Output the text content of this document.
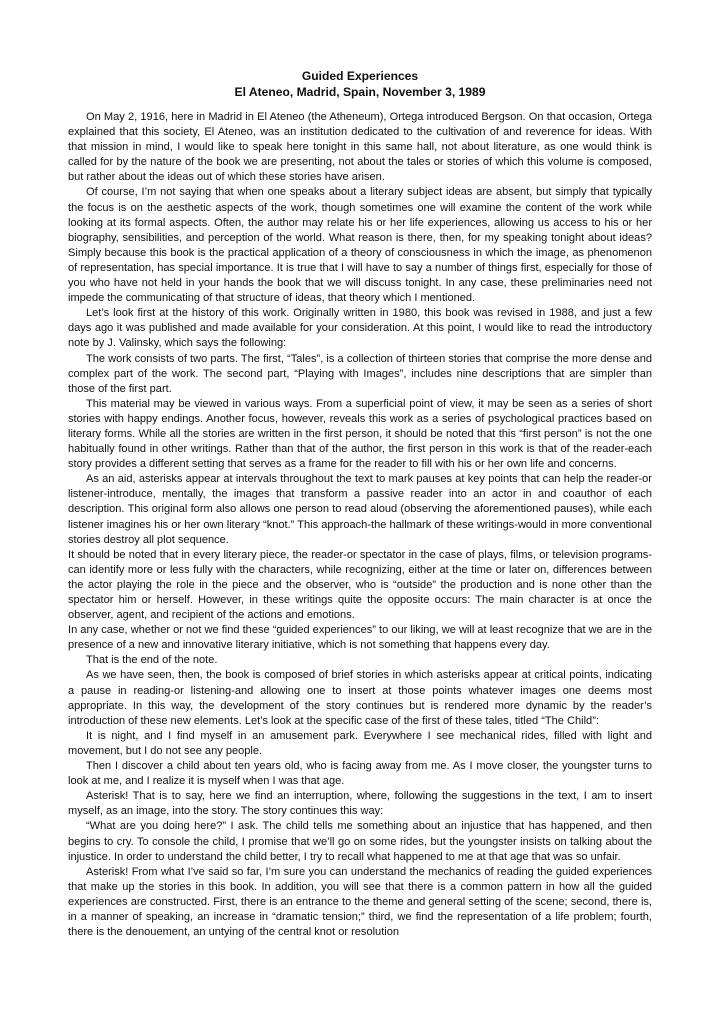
Guided Experiences
El Ateneo, Madrid, Spain, November 3, 1989

On May 2, 1916, here in Madrid in El Ateneo (the Atheneum), Ortega introduced Bergson. On that occasion, Ortega explained that this society, El Ateneo, was an institution dedicated to the cultivation of and reverence for ideas. With that mission in mind, I would like to speak here tonight in this same hall, not about literature, as one would think is called for by the nature of the book we are presenting, not about the tales or stories of which this volume is composed, but rather about the ideas out of which these stories have arisen.

Of course, I’m not saying that when one speaks about a literary subject ideas are absent, but simply that typically the focus is on the aesthetic aspects of the work, though sometimes one will examine the content of the work while looking at its formal aspects. Often, the author may relate his or her life experiences, allowing us access to his or her biography, sensibilities, and perception of the world. What reason is there, then, for my speaking tonight about ideas? Simply because this book is the practical application of a theory of consciousness in which the image, as phenomenon of representation, has special importance. It is true that I will have to say a number of things first, especially for those of you who have not held in your hands the book that we will discuss tonight. In any case, these preliminaries need not impede the communicating of that structure of ideas, that theory which I mentioned.

Let’s look first at the history of this work. Originally written in 1980, this book was revised in 1988, and just a few days ago it was published and made available for your consideration. At this point, I would like to read the introductory note by J. Valinsky, which says the following:

The work consists of two parts. The first, “Tales”, is a collection of thirteen stories that comprise the more dense and complex part of the work. The second part, “Playing with Images”, includes nine descriptions that are simpler than those of the first part.

This material may be viewed in various ways. From a superficial point of view, it may be seen as a series of short stories with happy endings. Another focus, however, reveals this work as a series of psychological practices based on literary forms. While all the stories are written in the first person, it should be noted that this “first person” is not the one habitually found in other writings. Rather than that of the author, the first person in this work is that of the reader-each story provides a different setting that serves as a frame for the reader to fill with his or her own life and concerns.

As an aid, asterisks appear at intervals throughout the text to mark pauses at key points that can help the reader-or listener-introduce, mentally, the images that transform a passive reader into an actor in and coauthor of each description. This original form also allows one person to read aloud (observing the aforementioned pauses), while each listener imagines his or her own literary “knot.” This approach-the hallmark of these writings-would in more conventional stories destroy all plot sequence.

It should be noted that in every literary piece, the reader-or spectator in the case of plays, films, or television programs-can identify more or less fully with the characters, while recognizing, either at the time or later on, differences between the actor playing the role in the piece and the observer, who is “outside” the production and is none other than the spectator him or herself. However, in these writings quite the opposite occurs: The main character is at once the observer, agent, and recipient of the actions and emotions.

In any case, whether or not we find these “guided experiences” to our liking, we will at least recognize that we are in the presence of a new and innovative literary initiative, which is not something that happens every day.

That is the end of the note.

As we have seen, then, the book is composed of brief stories in which asterisks appear at critical points, indicating a pause in reading-or listening-and allowing one to insert at those points whatever images one deems most appropriate. In this way, the development of the story continues but is rendered more dynamic by the reader’s introduction of these new elements. Let’s look at the specific case of the first of these tales, titled “The Child”:

It is night, and I find myself in an amusement park. Everywhere I see mechanical rides, filled with light and movement, but I do not see any people.

Then I discover a child about ten years old, who is facing away from me. As I move closer, the youngster turns to look at me, and I realize it is myself when I was that age.

Asterisk! That is to say, here we find an interruption, where, following the suggestions in the text, I am to insert myself, as an image, into the story. The story continues this way:

“What are you doing here?” I ask. The child tells me something about an injustice that has happened, and then begins to cry. To console the child, I promise that we’ll go on some rides, but the youngster insists on talking about the injustice. In order to understand the child better, I try to recall what happened to me at that age that was so unfair.

Asterisk! From what I’ve said so far, I’m sure you can understand the mechanics of reading the guided experiences that make up the stories in this book. In addition, you will see that there is a common pattern in how all the guided experiences are constructed. First, there is an entrance to the theme and general setting of the scene; second, there is, in a manner of speaking, an increase in “dramatic tension;” third, we find the representation of a life problem; fourth, there is the denouement, an untying of the central knot or resolution
